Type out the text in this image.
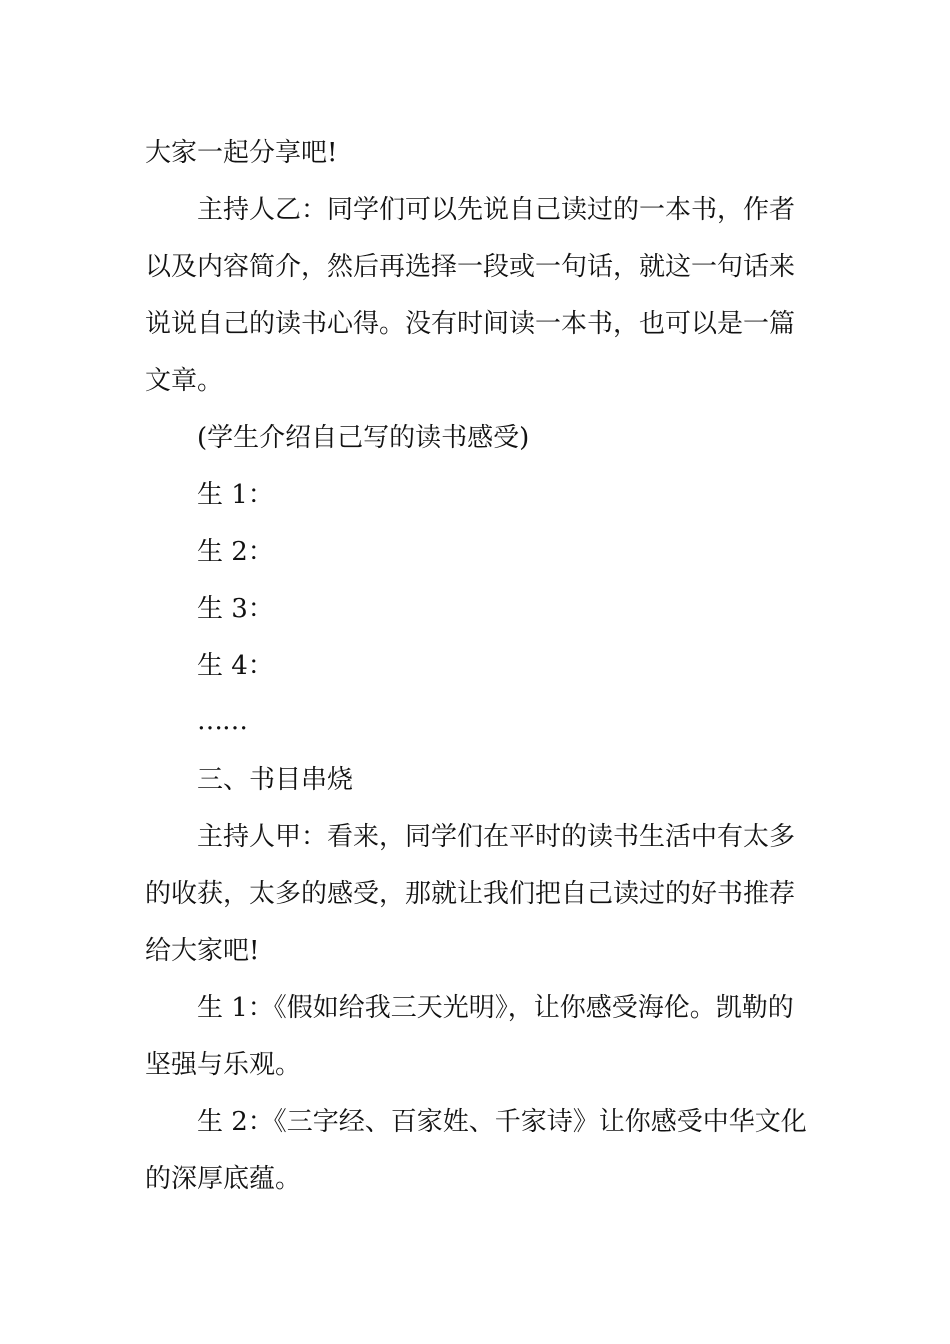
大家一起分享吧!

主持人乙：同学们可以先说自己读过的一本书，作者

以及内容简介，然后再选择一段或一句话，就这一句话来

说说自己的读书心得。没有时间读一本书，也可以是一篇

文章。

(学生介绍自己写的读书感受)

生 1：

生 2：

生 3：

生 4：

……

三、书目串烧

主持人甲：看来，同学们在平时的读书生活中有太多

的收获，太多的感受，那就让我们把自己读过的好书推荐

给大家吧!

生 1：《假如给我三天光明》，让你感受海伦。凯勒的

坚强与乐观。

生 2：《三字经、百家姓、千家诗》让你感受中华文化

的深厚底蕴。
